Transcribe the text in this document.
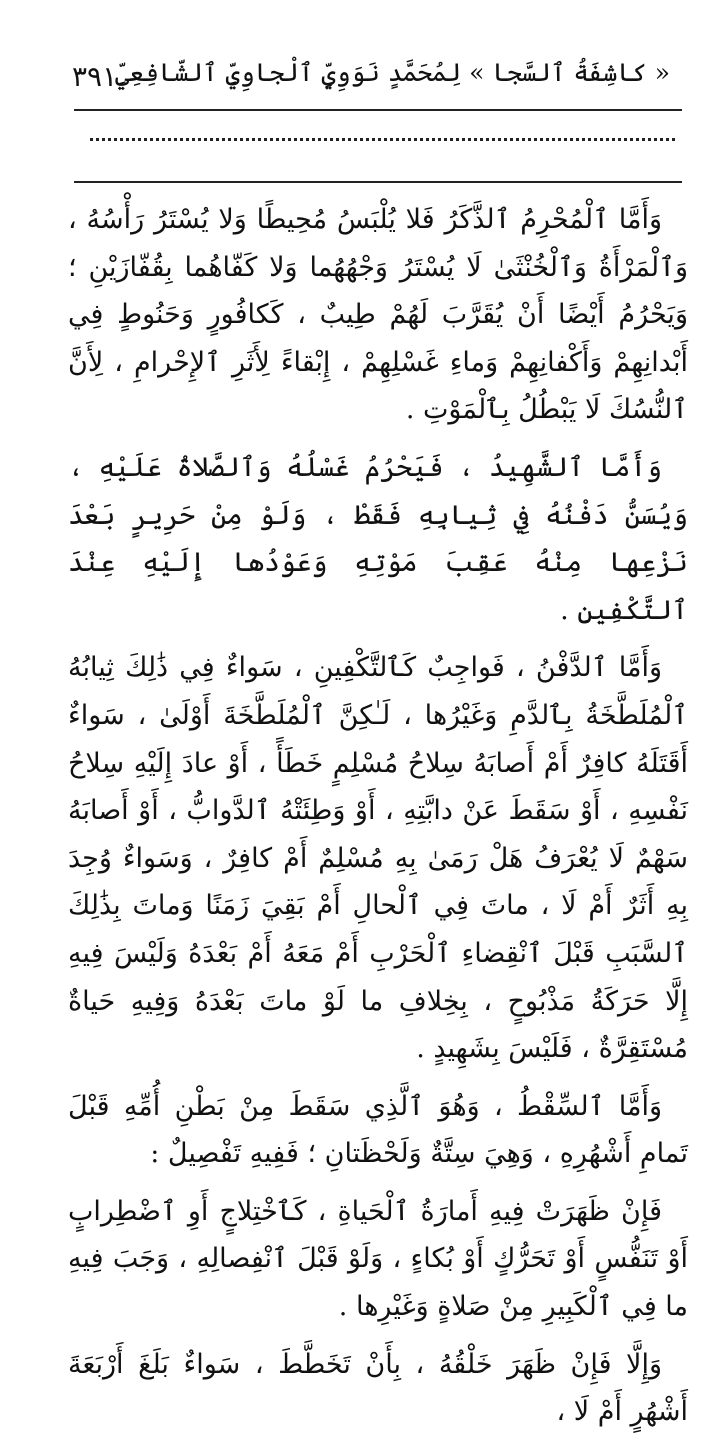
٣٩١
« كاشِفَةُ ٱلسَّجا » لِمُحَمَّدٍ نَوَوِيٍّ ٱلْجاوِيِّ ٱلشّافِعِيِّ

وَأَمَّا ٱلْمُحْرِمُ ٱلذَّكَرُ فَلا يُلْبَسُ مُحِيطًا وَلا يُسْتَرُ رَأْسُهُ ، وَٱلْمَرْأَةُ وَٱلْخُنْثَىٰ لَا يُسْتَرُ وَجْهُهُما وَلا كَفّاهُما بِقُفّازَيْنِ ؛ وَيَحْرُمُ أَيْضًا أَنْ يُقَرَّبَ لَهُمْ طِيبٌ ، كَكافُورٍ وَحَنُوطٍ فِي أَبْدانِهِمْ وَأَكْفانِهِمْ وَماءِ غَسْلِهِمْ ، إِبْقاءً لِأَثَرِ ٱلإِحْرامِ ، لِأَنَّ ٱلنُّسُكَ لَا يَبْطُلُ بِٱلْمَوْتِ .

وَأَمَّا ٱلشَّهِيدُ ، فَيَحْرُمُ غَسْلُهُ وَٱلصَّلاةُ عَلَيْهِ ، وَيُسَنُّ دَفْنُهُ فِي ثِيابِهِ فَقَطْ ، وَلَوْ مِنْ حَرِيرٍ بَعْدَ نَزْعِها مِنْهُ عَقِبَ مَوْتِهِ وَعَوْدُها إِلَيْهِ عِنْدَ ٱلتَّكْفِينِ .

وَأَمَّا ٱلدَّفْنُ ، فَواجِبٌ كَٱلتَّكْفِينِ ، سَواءٌ فِي ذَٰلِكَ ثِيابُهُ ٱلْمُلَطَّخَةُ بِٱلدَّمِ وَغَيْرُها ، لَـٰكِنَّ ٱلْمُلَطَّخَةَ أَوْلَىٰ ، سَواءٌ أَقَتَلَهُ كافِرٌ أَمْ أَصابَهُ سِلاحُ مُسْلِمٍ خَطَأً ، أَوْ عادَ إِلَيْهِ سِلاحُ نَفْسِهِ ، أَوْ سَقَطَ عَنْ دابَّتِهِ ، أَوْ وَطِئَتْهُ ٱلدَّوابُّ ، أَوْ أَصابَهُ سَهْمٌ لَا يُعْرَفُ هَلْ رَمَىٰ بِهِ مُسْلِمٌ أَمْ كافِرٌ ، وَسَواءٌ وُجِدَ بِهِ أَثَرٌ أَمْ لَا ، ماتَ فِي ٱلْحالِ أَمْ بَقِيَ زَمَنًا وَماتَ بِذَٰلِكَ ٱلسَّبَبِ قَبْلَ ٱنْقِضاءِ ٱلْحَرْبِ أَمْ مَعَهُ أَمْ بَعْدَهُ وَلَيْسَ فِيهِ إِلَّا حَرَكَةُ مَذْبُوحٍ ، بِخِلافِ ما لَوْ ماتَ بَعْدَهُ وَفِيهِ حَياةٌ مُسْتَقِرَّةٌ ، فَلَيْسَ بِشَهِيدٍ .

وَأَمَّا ٱلسِّقْطُ ، وَهُوَ ٱلَّذِي سَقَطَ مِنْ بَطْنِ أُمِّهِ قَبْلَ تَمامِ أَشْهُرِهِ ، وَهِيَ سِتَّةٌ وَلَحْظَتانِ ؛ فَفِيهِ تَفْصِيلٌ :

فَإِنْ ظَهَرَتْ فِيهِ أَمارَةُ ٱلْحَياةِ ، كَٱخْتِلاجٍ أَوِ ٱضْطِرابٍ أَوْ تَنَفُّسٍ أَوْ تَحَرُّكٍ أَوْ بُكاءٍ ، وَلَوْ قَبْلَ ٱنْفِصالِهِ ، وَجَبَ فِيهِ ما فِي ٱلْكَبِيرِ مِنْ صَلاةٍ وَغَيْرِها .

وَإِلَّا فَإِنْ ظَهَرَ خَلْقُهُ ، بِأَنْ تَخَطَّطَ ، سَواءٌ بَلَغَ أَرْبَعَةَ أَشْهُرٍ أَمْ لَا ،
